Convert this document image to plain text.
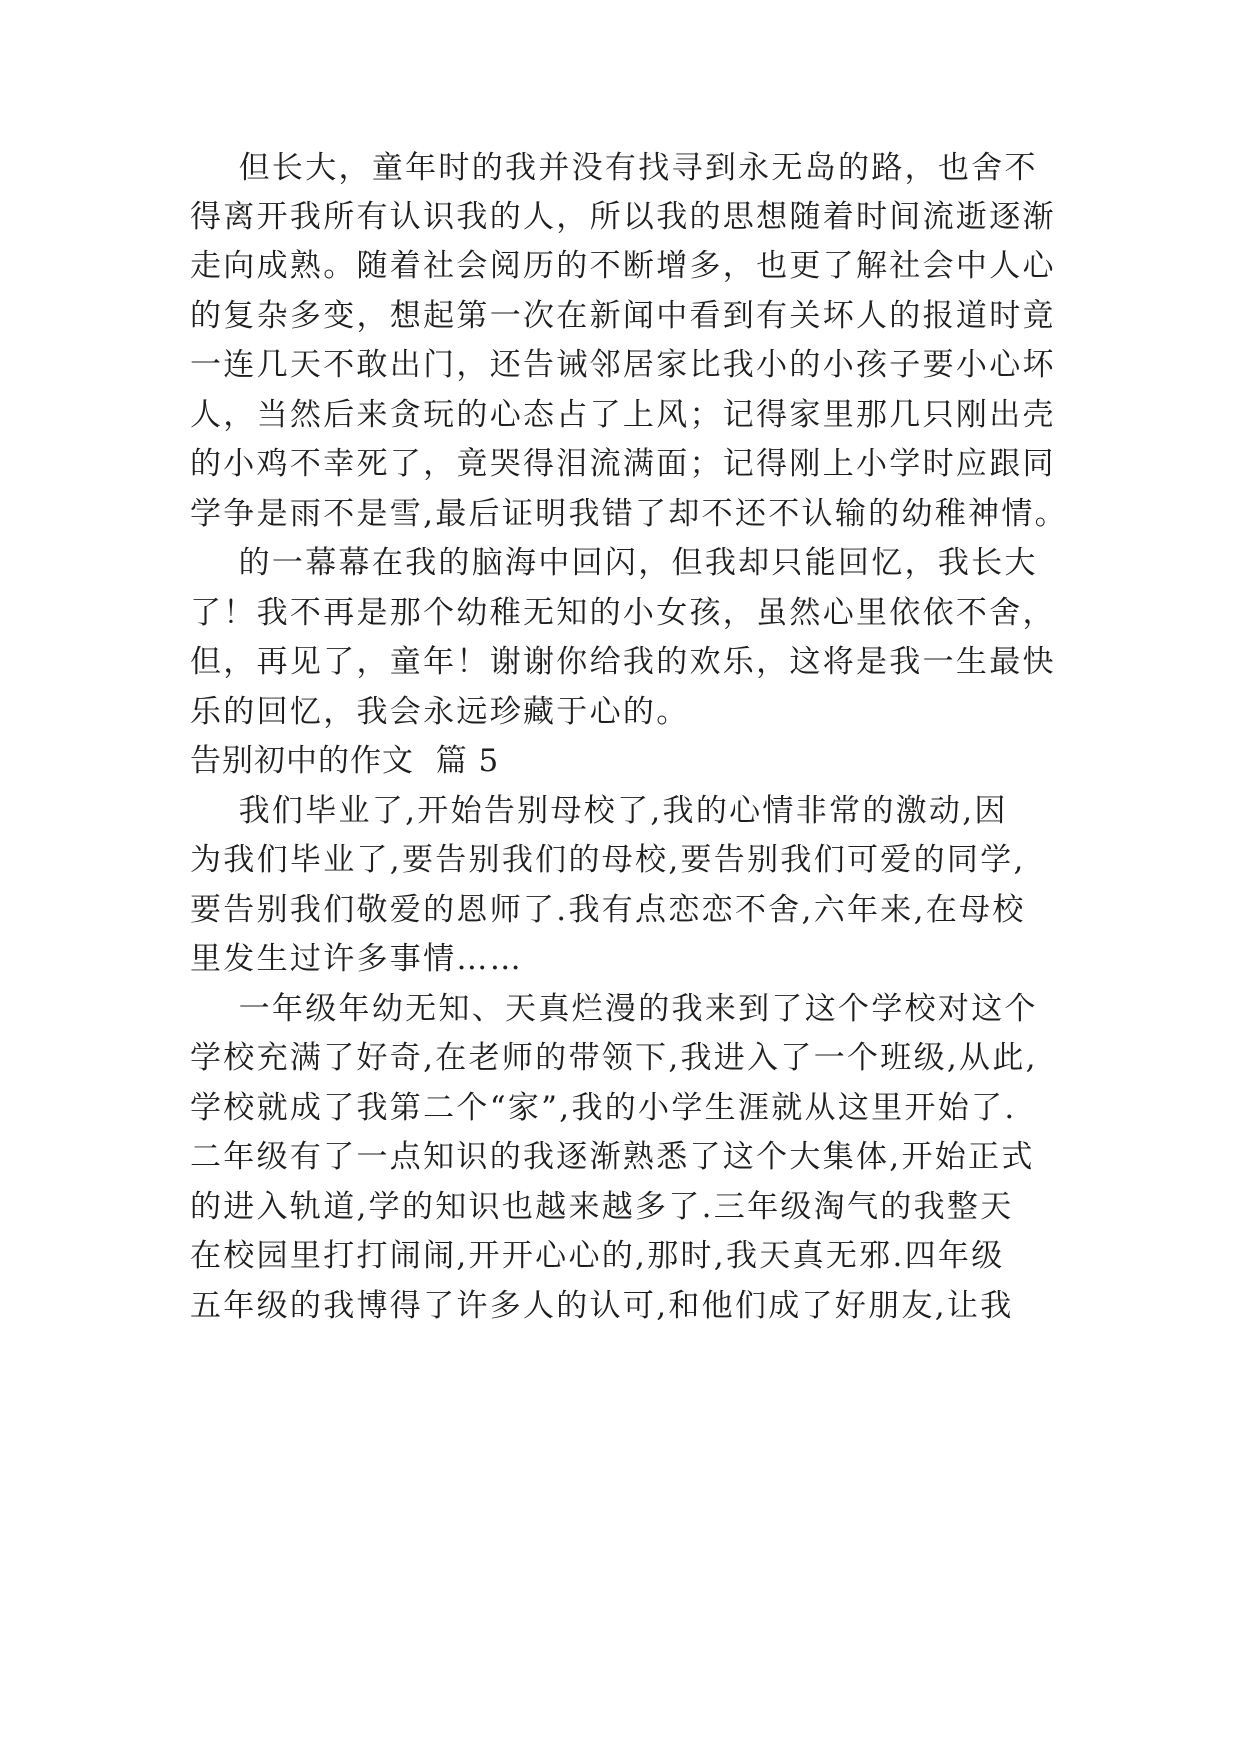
但长大，童年时的我并没有找寻到永无岛的路，也舍不
得离开我所有认识我的人，所以我的思想随着时间流逝逐渐
走向成熟。随着社会阅历的不断增多，也更了解社会中人心
的复杂多变，想起第一次在新闻中看到有关坏人的报道时竟
一连几天不敢出门，还告诫邻居家比我小的小孩子要小心坏
人，当然后来贪玩的心态占了上风；记得家里那几只刚出壳
的小鸡不幸死了，竟哭得泪流满面；记得刚上小学时应跟同
学争是雨不是雪,最后证明我错了却不还不认输的幼稚神情。
的一幕幕在我的脑海中回闪，但我却只能回忆，我长大
了！我不再是那个幼稚无知的小女孩，虽然心里依依不舍，
但，再见了，童年！谢谢你给我的欢乐，这将是我一生最快
乐的回忆，我会永远珍藏于心的。
告别初中的作文  篇 5
我们毕业了,开始告别母校了,我的心情非常的激动,因
为我们毕业了,要告别我们的母校,要告别我们可爱的同学,
要告别我们敬爱的恩师了.我有点恋恋不舍,六年来,在母校
里发生过许多事情……
一年级年幼无知、天真烂漫的我来到了这个学校对这个
学校充满了好奇,在老师的带领下,我进入了一个班级,从此,
学校就成了我第二个“家”,我的小学生涯就从这里开始了.
二年级有了一点知识的我逐渐熟悉了这个大集体,开始正式
的进入轨道,学的知识也越来越多了.三年级淘气的我整天
在校园里打打闹闹,开开心心的,那时,我天真无邪.四年级
五年级的我博得了许多人的认可,和他们成了好朋友,让我
